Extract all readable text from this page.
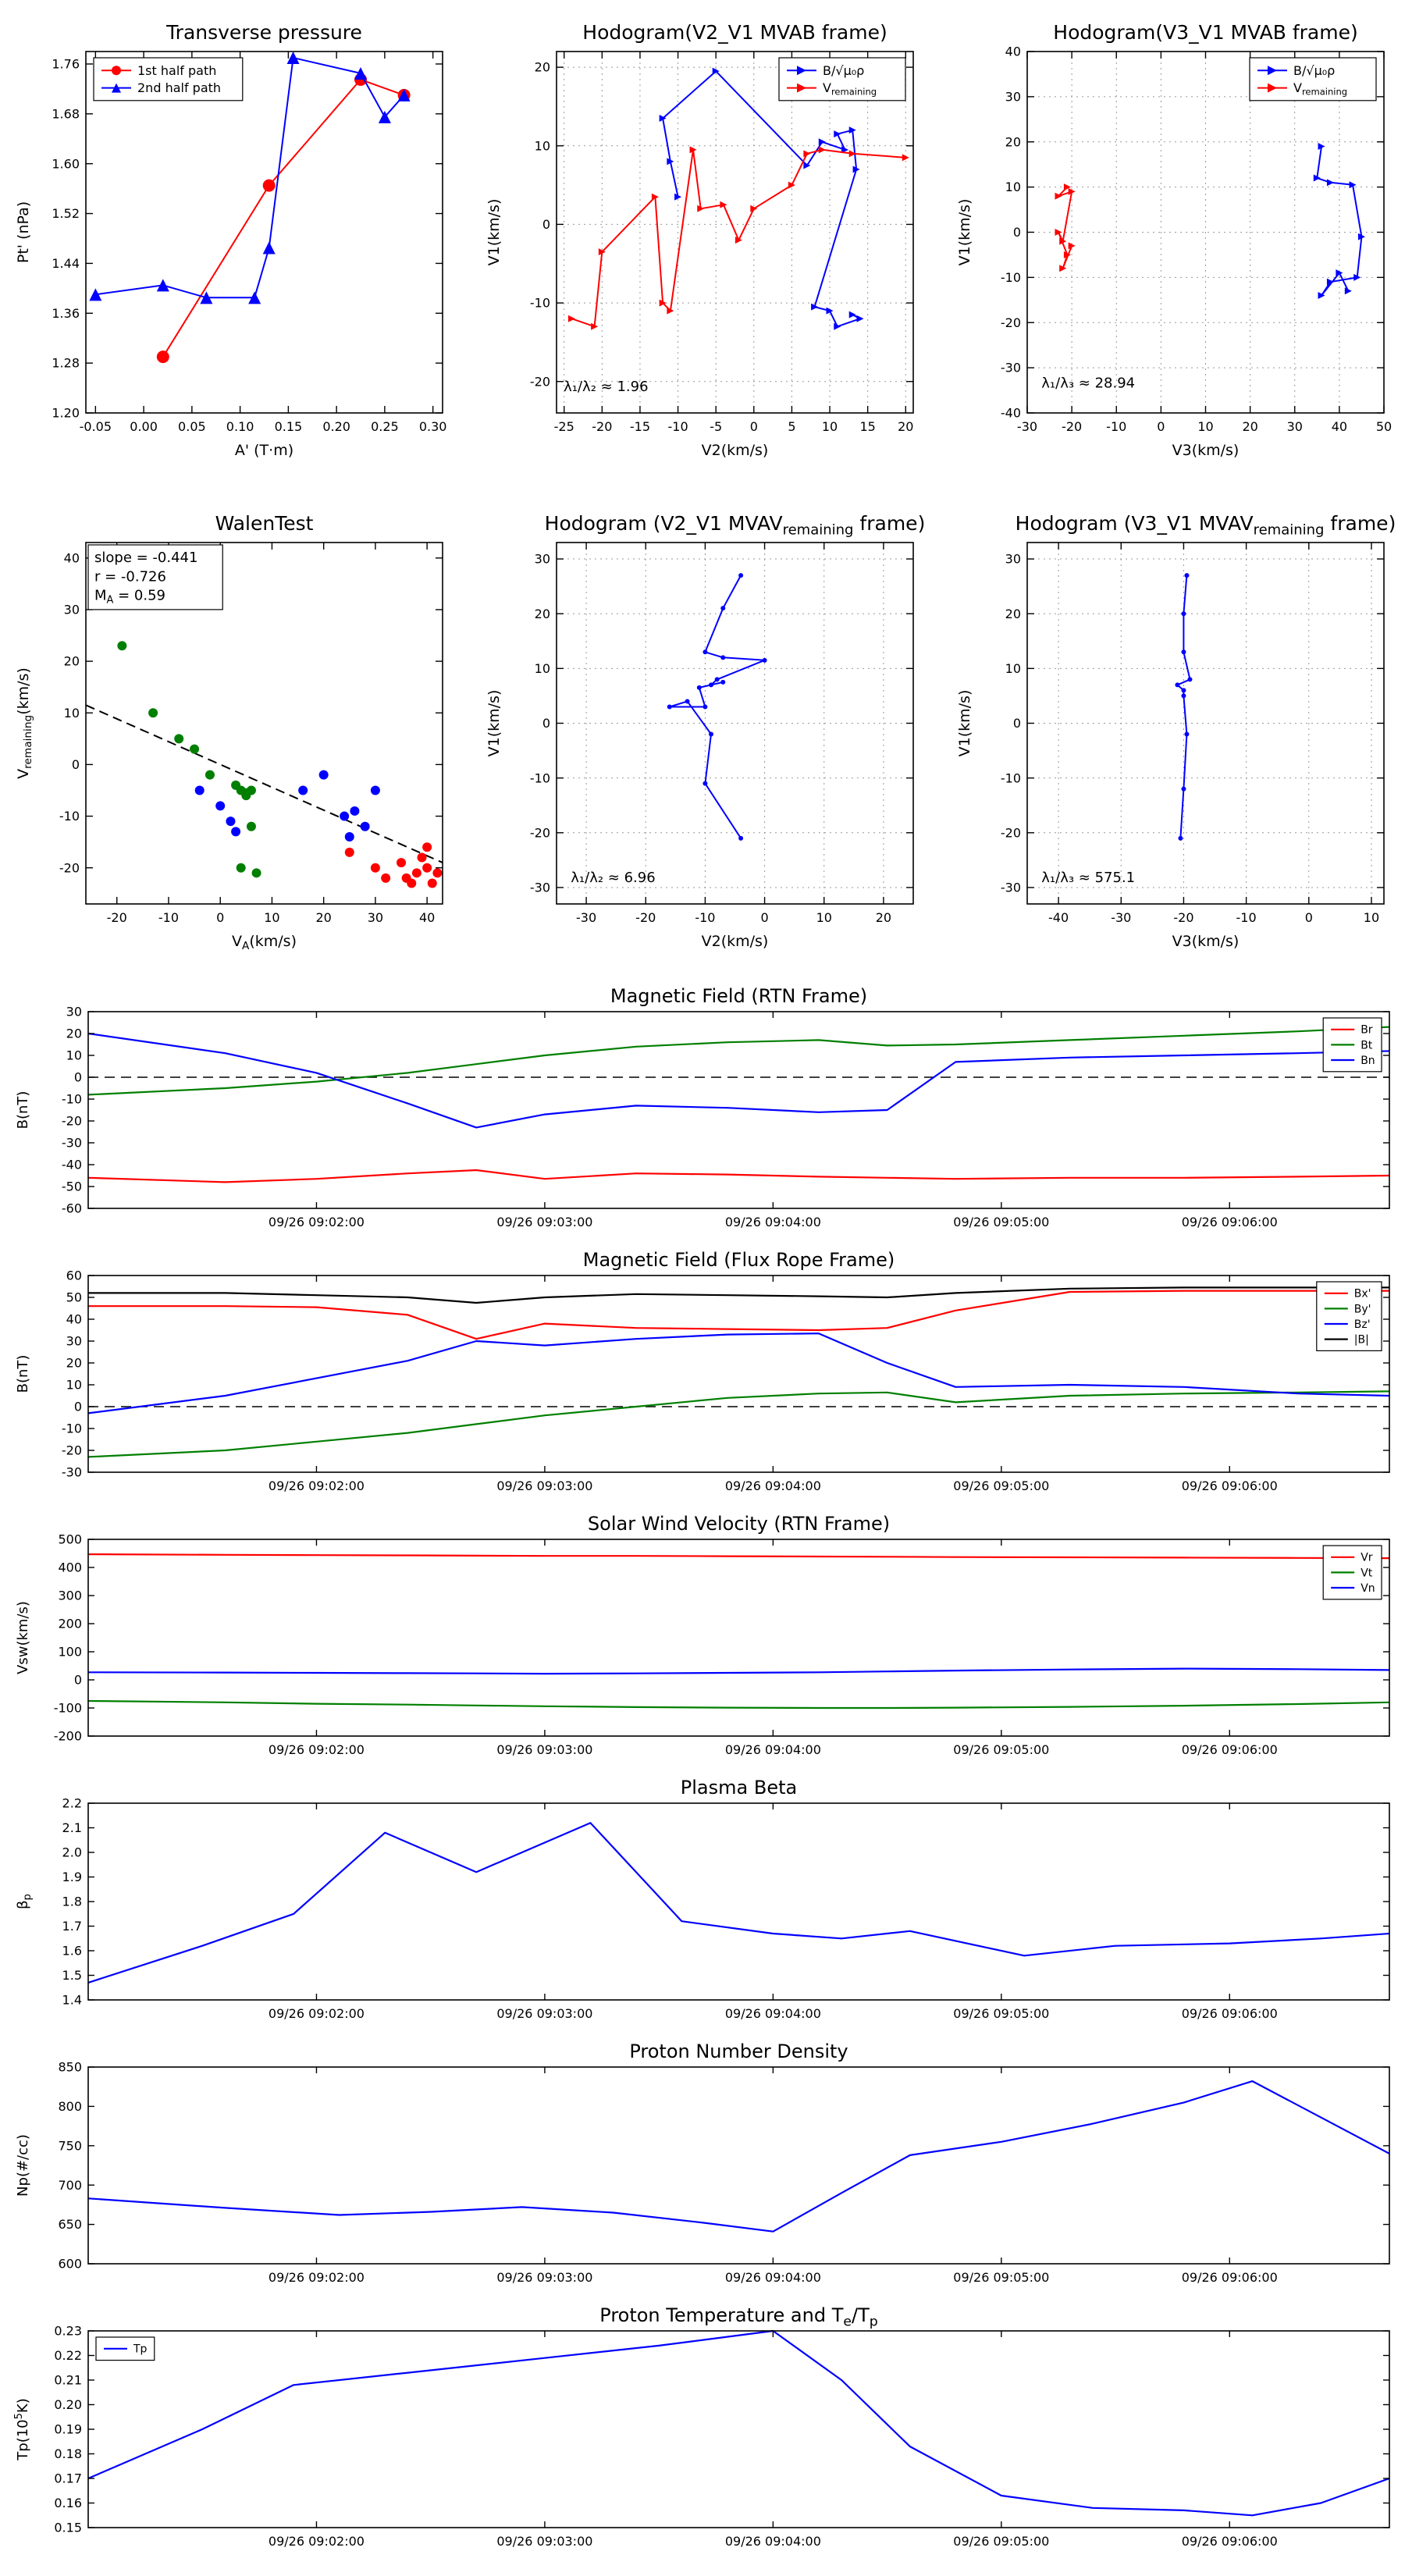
-0.05 0.00 0.05 0.10 0.15 0.20 0.25 0.30
1.20
1.28
1.36
1.44
1.52
1.60
1.68
1.76
Transverse pressure
A' (T·m)
Pt' (nPa)
1st half path
2nd half path
-25 -20 -15 -10 -5 0 5 10 15 20
-20
-10
0
10
20
Hodogram(V2_V1 MVAB frame)
V2(km/s)
V1(km/s)
B/√μ₀ρ
$V_{remaining}$
λ₁/λ₂ ≈ 1.96
-30 -20 -10 0	10 20 30 40 50
-40
-30
-20
-10
0
10
20
30
40
Hodogram(V3_V1 MVAB frame)
V3(km/s)
V1(km/s)
B/√μ₀ρ
$V_{remaining}$
λ₁/λ₃ ≈ 28.94
-20	-10	0	10	20	30	40
-20
-10
0
10
20
30
40
WalenTest
$V_A(km/s)$
$V_{remaining}(km/s)$
slope = -0.441
r = -0.726
$M_A = 0.59$
-30	-20	-10	0	10	20
-30
-20
-10
0
10
20
30
Hodogram (V2_V1 $MVAV_{remaining}$ frame)
V2(km/s)
V1(km/s)
λ₁/λ₂ ≈ 6.96
-40	-30	-20	-10	0	10
-30
-20
-10
0
10
20
30
Hodogram (V3_V1 $MVAV_{remaining}$ frame)
V3(km/s)
V1(km/s)
λ₁/λ₃ ≈ 575.1
09/26 09:02:00	09/26 09:03:00	09/26 09:04:00	09/26 09:05:00	09/26 09:06:00
-60
-50
-40
-30
-20
-10
0
10
20
30
Magnetic Field (RTN Frame)
B(nT)
Br
Bt
Bn
09/26 09:02:00	09/26 09:03:00	09/26 09:04:00	09/26 09:05:00	09/26 09:06:00
-30
-20
-10
0
10
20
30
40
50
60
Magnetic Field (Flux Rope Frame)
B(nT)
Bx'
By'
Bz'
|B|
09/26 09:02:00	09/26 09:03:00	09/26 09:04:00	09/26 09:05:00	09/26 09:06:00
-200
-100
0
100
200
300
400
500
Solar Wind Velocity (RTN Frame)
Vsw(km/s)
Vr
Vt
Vn
09/26 09:02:00	09/26 09:03:00	09/26 09:04:00	09/26 09:05:00	09/26 09:06:00
1.4
1.5
1.6
1.7
1.8
1.9
2.0
2.1
2.2
Plasma Beta
$\beta_p$
09/26 09:02:00	09/26 09:03:00	09/26 09:04:00	09/26 09:05:00	09/26 09:06:00
600
650
700
750
800
850
Proton Number Density
Np(#/cc)
09/26 09:02:00	09/26 09:03:00	09/26 09:04:00	09/26 09:05:00	09/26 09:06:00
0.15
0.16
0.17
0.18
0.19
0.20
0.21
0.22
0.23
Proton Temperature and $T_e/T_p$
$Tp(10^5K)$
Tp
